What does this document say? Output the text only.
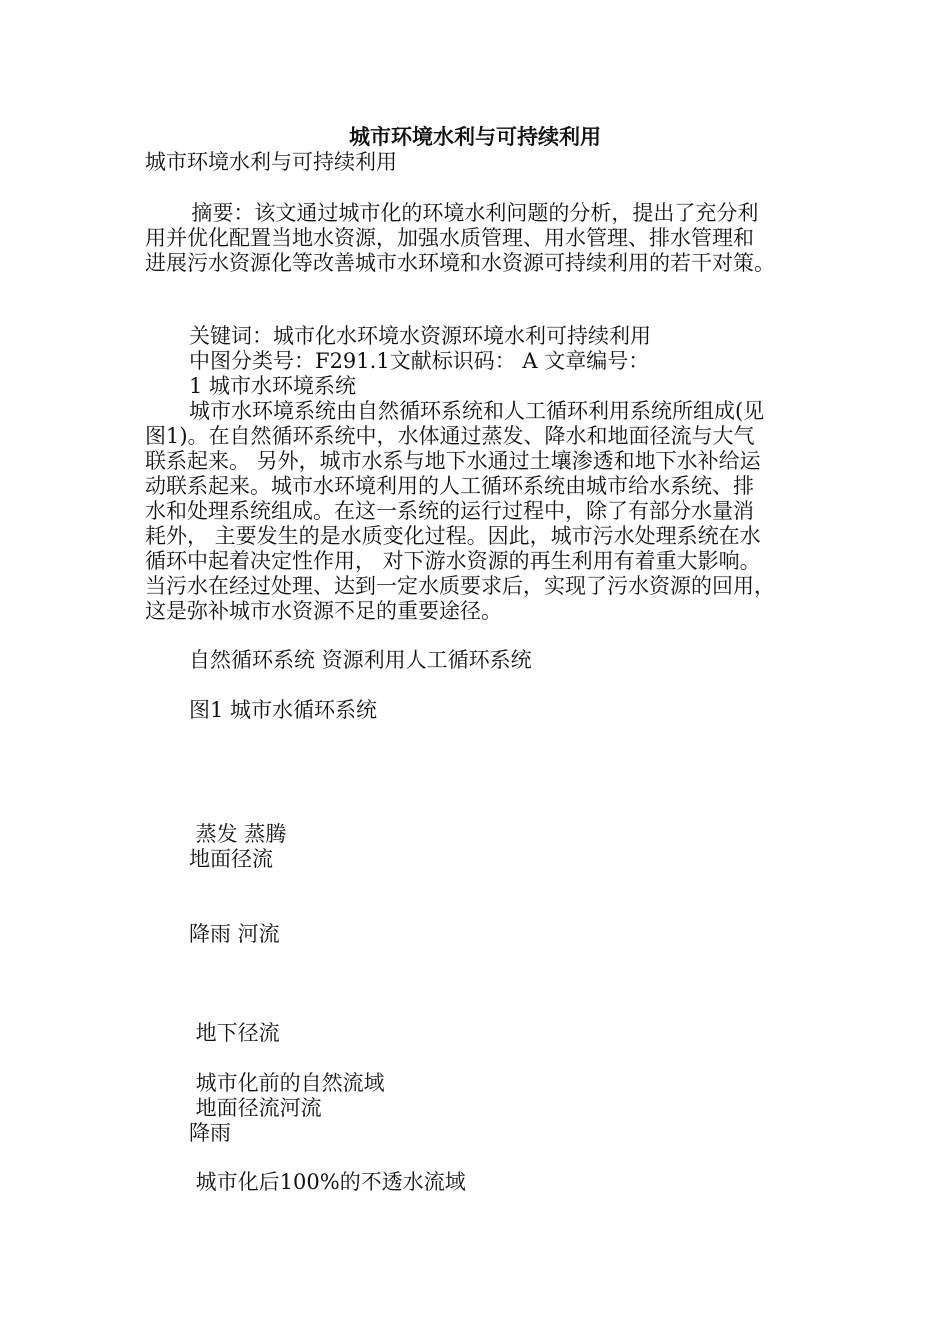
城市环境水利与可持续利用

城市环境水利与可持续利用

摘要：该文通过城市化的环境水利问题的分析，提出了充分利

用并优化配置当地水资源，加强水质管理、用水管理、排水管理和

进展污水资源化等改善城市水环境和水资源可持续利用的若干对策。

关键词：城市化水环境水资源环境水利可持续利用

中图分类号：F291.1文献标识码： A 文章编号：

1 城市水环境系统

城市水环境系统由自然循环系统和人工循环利用系统所组成(见

图1)。在自然循环系统中，水体通过蒸发、降水和地面径流与大气

联系起来。 另外，城市水系与地下水通过土壤渗透和地下水补给运

动联系起来。城市水环境利用的人工循环系统由城市给水系统、排

水和处理系统组成。在这一系统的运行过程中，除了有部分水量消

耗外， 主要发生的是水质变化过程。因此，城市污水处理系统在水

循环中起着决定性作用， 对下游水资源的再生利用有着重大影响。

当污水在经过处理、达到一定水质要求后，实现了污水资源的回用，

这是弥补城市水资源不足的重要途径。

自然循环系统 资源利用人工循环系统

图1 城市水循环系统

蒸发 蒸腾

地面径流

降雨 河流

地下径流

城市化前的自然流域

地面径流河流

降雨

城市化后100%的不透水流域
